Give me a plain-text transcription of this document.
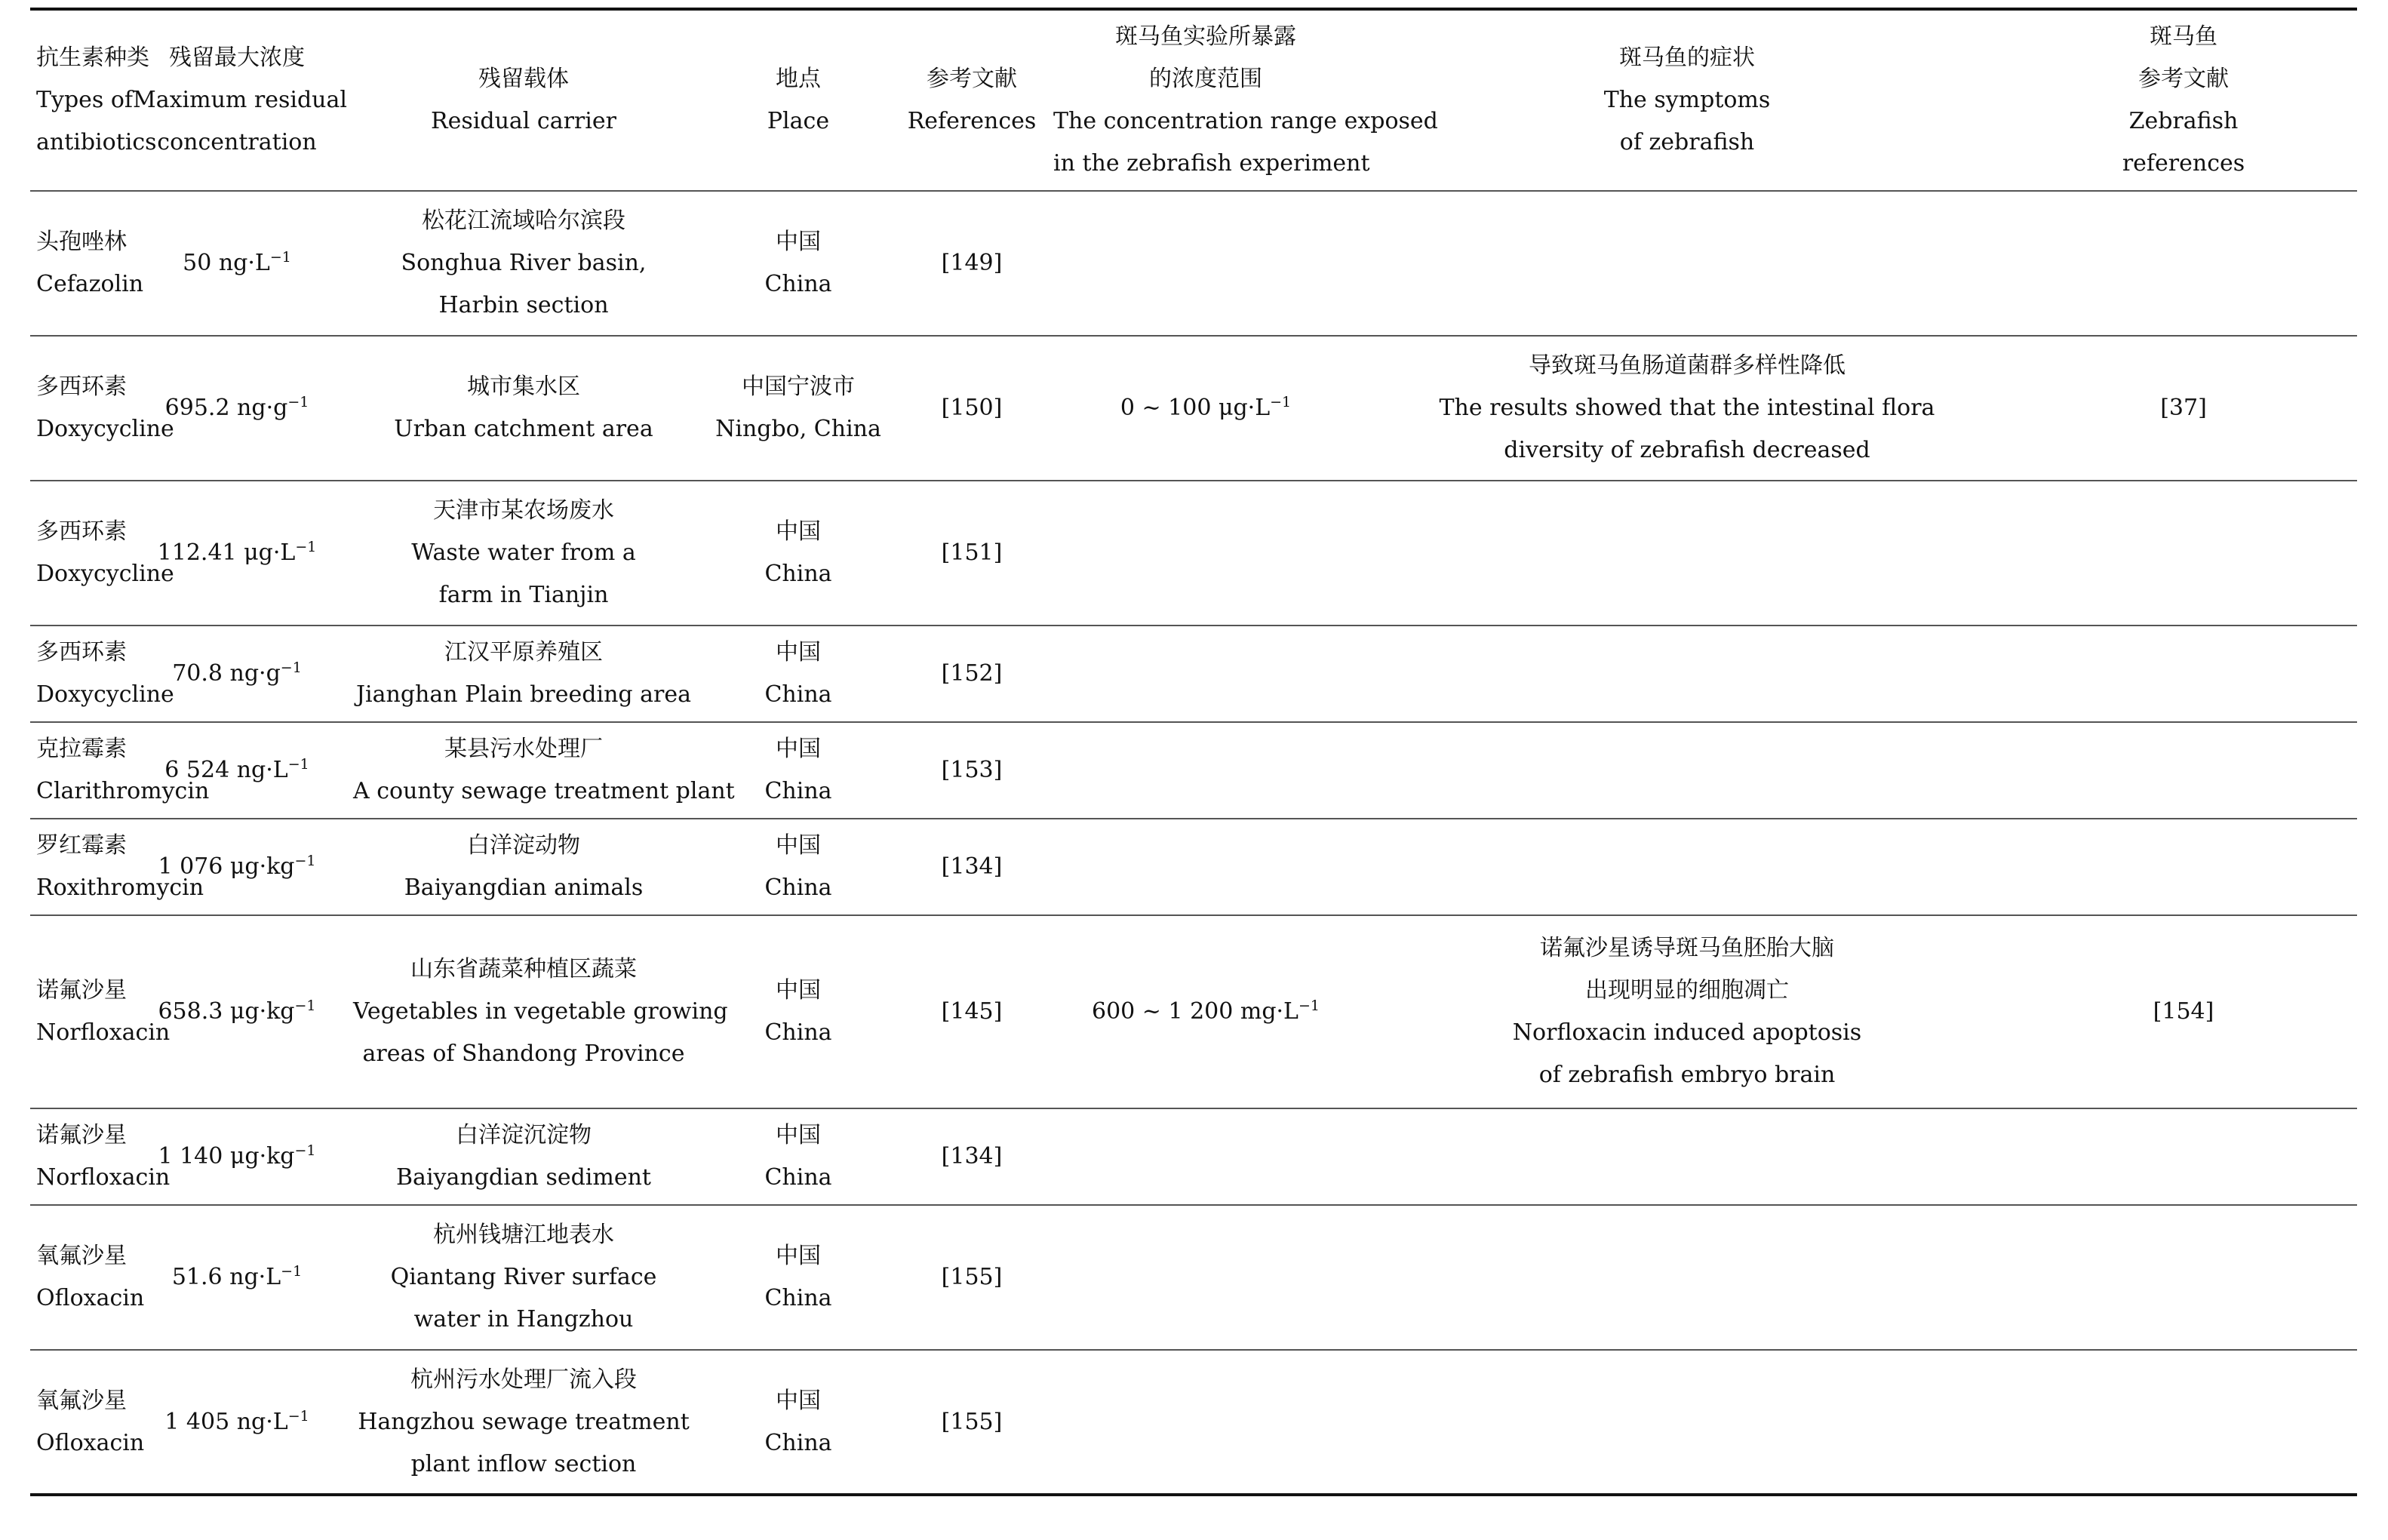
抗生素种类
Types of
antibiotics	残留最大浓度
Maximum residual
concentration	残留载体
Residual carrier	地点
Place	参考文献
References	斑马鱼实验所暴露
的浓度范围
The concentration range exposed
in the zebrafish experiment	斑马鱼的症状
The symptoms
of zebrafish	斑马鱼
参考文献
Zebrafish
references

头孢唑林
Cefazolin	50 $ng\cdot L^{-1}$	松花江流域哈尔滨段
Songhua River basin,
Harbin section	中国
China	[149]			

多西环素
Doxycycline	695.2 $ng\cdot g^{-1}$	城市集水区
Urban catchment area	中国宁波市
Ningbo, China	[150]	0 ~ 100 $\mu g\cdot L^{-1}$	导致斑马鱼肠道菌群多样性降低
The results showed that the intestinal flora
diversity of zebrafish decreased	[37]

多西环素
Doxycycline	112.41 $\mu g\cdot L^{-1}$	天津市某农场废水
Waste water from a
farm in Tianjin	中国
China	[151]			

多西环素
Doxycycline	70.8 $ng\cdot g^{-1}$	江汉平原养殖区
Jianghan Plain breeding area	中国
China	[152]			

克拉霉素
Clarithromycin	6 524 $ng\cdot L^{-1}$	某县污水处理厂
A county sewage treatment plant	中国
China	[153]			

罗红霉素
Roxithromycin	1 076 $\mu g\cdot kg^{-1}$	白洋淀动物
Baiyangdian animals	中国
China	[134]			

诺氟沙星
Norfloxacin	658.3 $\mu g\cdot kg^{-1}$	山东省蔬菜种植区蔬菜
Vegetables in vegetable growing
areas of Shandong Province	中国
China	[145]	600 ~ 1 200 $mg\cdot L^{-1}$	诺氟沙星诱导斑马鱼胚胎大脑
出现明显的细胞凋亡
Norfloxacin induced apoptosis
of zebrafish embryo brain	[154]

诺氟沙星
Norfloxacin	1 140 $\mu g\cdot kg^{-1}$	白洋淀沉淀物
Baiyangdian sediment	中国
China	[134]			

氧氟沙星
Ofloxacin	51.6 $ng\cdot L^{-1}$	杭州钱塘江地表水
Qiantang River surface
water in Hangzhou	中国
China	[155]			

氧氟沙星
Ofloxacin	1 405 $ng\cdot L^{-1}$	杭州污水处理厂流入段
Hangzhou sewage treatment
plant inflow section	中国
China	[155]			
